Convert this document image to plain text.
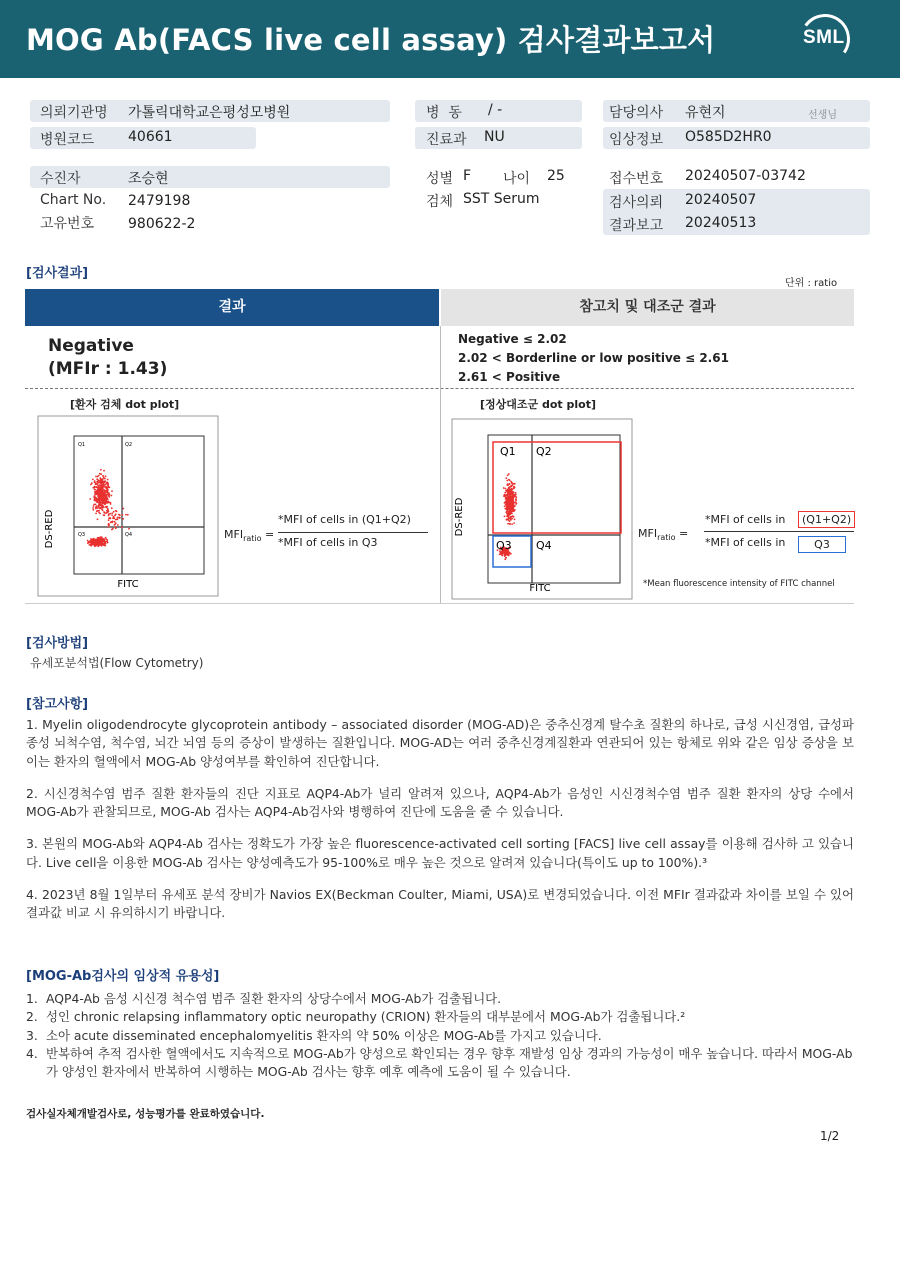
MOG Ab(FACS live cell assay) 검사결과보고서	SML
의뢰기관명 가톨릭대학교은평성모병원
병원코드 40661
병  동 / -
진료과 NU
담당의사 유현지	선생님
임상정보 O585D2HR0
수진자	조승현
Chart No. 2479198
고유번호 980622-2
성별 F 나이 25
검체 SST Serum
접수번호 20240507-03742
검사의뢰 20240507
결과보고 20240513
[검사결과]
단위 : ratio
결과	참고치 및 대조군 결과
Negative
(MFIr : 1.43)
Negative ≤ 2.02
2.02 < Borderline or low positive ≤ 2.61
2.61 < Positive
[환자 검체 dot plot]	[정상대조군 dot plot]
DS-RED
FITC
Q1	Q2
Q3	Q4	$MFI_{ratio}$ =
*MFI of cells in (Q1+Q2)
*MFI of cells in Q3
DS-RED
FITC
Q1 Q2
Q3 Q4
$MFI_{ratio}$ =
*MFI of cells in	(Q1+Q2)
*MFI of cells in	Q3
*Mean fluorescence intensity of FITC channel
[검사방법]
유세포분석법(Flow Cytometry)
[참고사항]

1. Myelin oligodendrocyte glycoprotein antibody – associated disorder (MOG-AD)은 중추신경계 탈수초 질환의 하나로, 급성 시신경염, 급성파종성 뇌척수염, 척수염, 뇌간 뇌염 등의 증상이 발생하는 질환입니다. MOG-AD는 여러 중추신경계질환과 연관되어 있는 항체로 위와 같은 임상 증상을 보이는 환자의 혈액에서 MOG-Ab 양성여부를 확인하여 진단합니다.

2. 시신경척수염 범주 질환 환자들의 진단 지표로 AQP4-Ab가 널리 알려져 있으나, AQP4-Ab가 음성인 시신경척수염 범주 질환 환자의 상당 수에서 MOG-Ab가 관찰되므로, MOG-Ab 검사는 AQP4-Ab검사와 병행하여 진단에 도움을 줄 수 있습니다.

3. 본원의 MOG-Ab와 AQP4-Ab 검사는 정확도가 가장 높은 fluorescence-activated cell sorting [FACS] live cell assay를 이용해 검사하 고 있습니다. Live cell을 이용한 MOG-Ab 검사는 양성예측도가 95-100%로 매우 높은 것으로 알려져 있습니다(특이도 up to 100%).³

4. 2023년 8월 1일부터 유세포 분석 장비가 Navios EX(Beckman Coulter, Miami, USA)로 변경되었습니다. 이전 MFIr 결과값과 차이를 보일 수 있어 결과값 비교 시 유의하시기 바랍니다.

[MOG-Ab검사의 임상적 유용성]
1. AQP4-Ab 음성 시신경 척수염 범주 질환 환자의 상당수에서 MOG-Ab가 검출됩니다.
2. 성인 chronic relapsing inflammatory optic neuropathy (CRION) 환자들의 대부분에서 MOG-Ab가 검출됩니다.²
3. 소아 acute disseminated encephalomyelitis 환자의 약 50% 이상은 MOG-Ab를 가지고 있습니다.
4. 반복하여 추적 검사한 혈액에서도 지속적으로 MOG-Ab가 양성으로 확인되는 경우 향후 재발성 임상 경과의 가능성이 매우 높습니다. 따라서 MOG-Ab가 양성인 환자에서 반복하여 시행하는 MOG-Ab 검사는 향후 예후 예측에 도움이 될 수 있습니다.
검사실자체개발검사로, 성능평가를 완료하였습니다.
1/2
